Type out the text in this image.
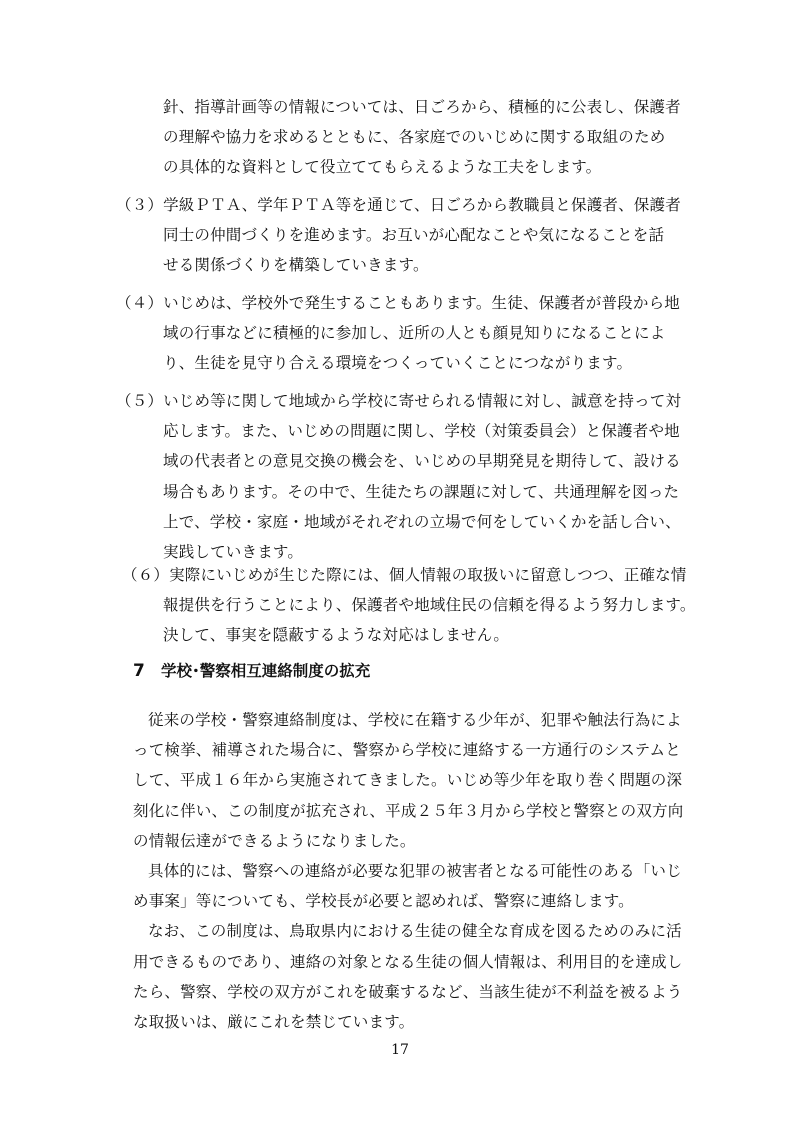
針、指導計画等の情報については、日ごろから、積極的に公表し、保護者
の理解や協力を求めるとともに、各家庭でのいじめに関する取組のため
の具体的な資料として役立ててもらえるような工夫をします。
（３）学級ＰＴＡ、学年ＰＴＡ等を通じて、日ごろから教職員と保護者、保護者
同士の仲間づくりを進めます。お互いが心配なことや気になることを話
せる関係づくりを構築していきます。
（４）いじめは、学校外で発生することもあります。生徒、保護者が普段から地
域の行事などに積極的に参加し、近所の人とも顔見知りになることによ
り、生徒を見守り合える環境をつくっていくことにつながります。
（５）いじめ等に関して地域から学校に寄せられる情報に対し、誠意を持って対
応します。また、いじめの問題に関し、学校（対策委員会）と保護者や地
域の代表者との意見交換の機会を、いじめの早期発見を期待して、設ける
場合もあります。その中で、生徒たちの課題に対して、共通理解を図った
上で、学校・家庭・地域がそれぞれの立場で何をしていくかを話し合い、
実践していきます。
（６）実際にいじめが生じた際には、個人情報の取扱いに留意しつつ、正確な情
報提供を行うことにより、保護者や地域住民の信頼を得るよう努力します。
決して、事実を隠蔽するような対応はしません。
7 学校･警察相互連絡制度の拡充
従来の学校・警察連絡制度は、学校に在籍する少年が、犯罪や触法行為によ
って検挙、補導された場合に、警察から学校に連絡する一方通行のシステムと
して、平成１６年から実施されてきました。いじめ等少年を取り巻く問題の深
刻化に伴い、この制度が拡充され、平成２５年３月から学校と警察との双方向
の情報伝達ができるようになりました。
具体的には、警察への連絡が必要な犯罪の被害者となる可能性のある「いじ
め事案」等についても、学校長が必要と認めれば、警察に連絡します。
なお、この制度は、鳥取県内における生徒の健全な育成を図るためのみに活
用できるものであり、連絡の対象となる生徒の個人情報は、利用目的を達成し
たら、警察、学校の双方がこれを破棄するなど、当該生徒が不利益を被るよう
な取扱いは、厳にこれを禁じています。
17
